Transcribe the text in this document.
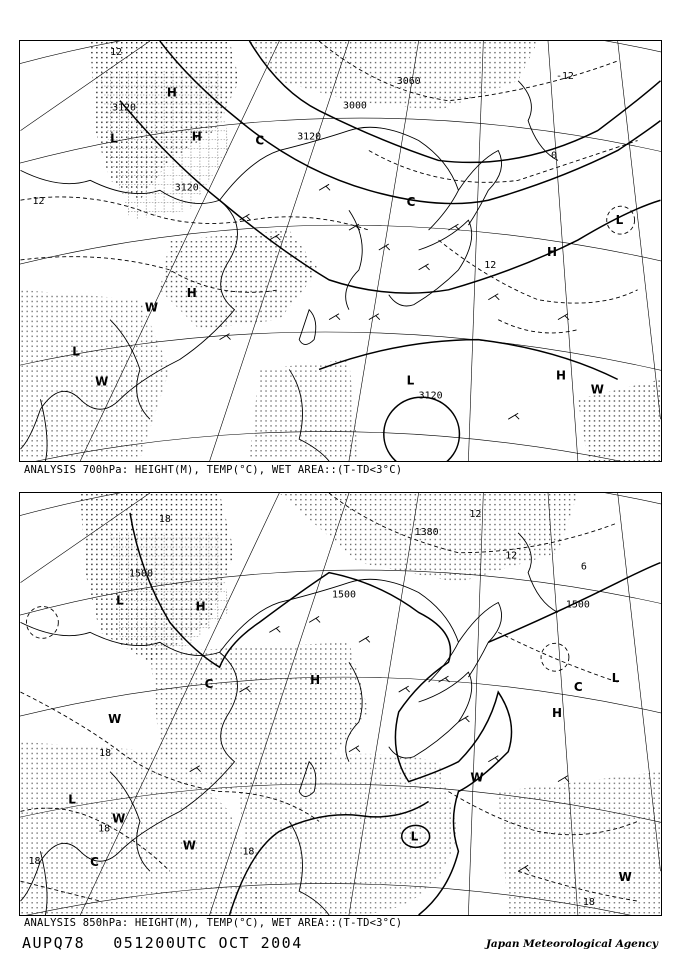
3120
3120
3060
3000
3120
3120
12
12
12
0
-12
H
H
H
H
L
L
L
L
C
C
W
W
W
H
ANALYSIS 700hPa: HEIGHT(M), TEMP(°C), WET AREA::(T-TD<3°C)
1500
1500
1500
1380
18
18
18
18
18
18
12
12
6
H
H
H
L
L
L
L
C
C
C
W
W
W
W
W
ANALYSIS 850hPa: HEIGHT(M), TEMP(°C), WET AREA::(T-TD<3°C)
AUPQ78 051200UTC OCT 2004	Japan Meteorological Agency
